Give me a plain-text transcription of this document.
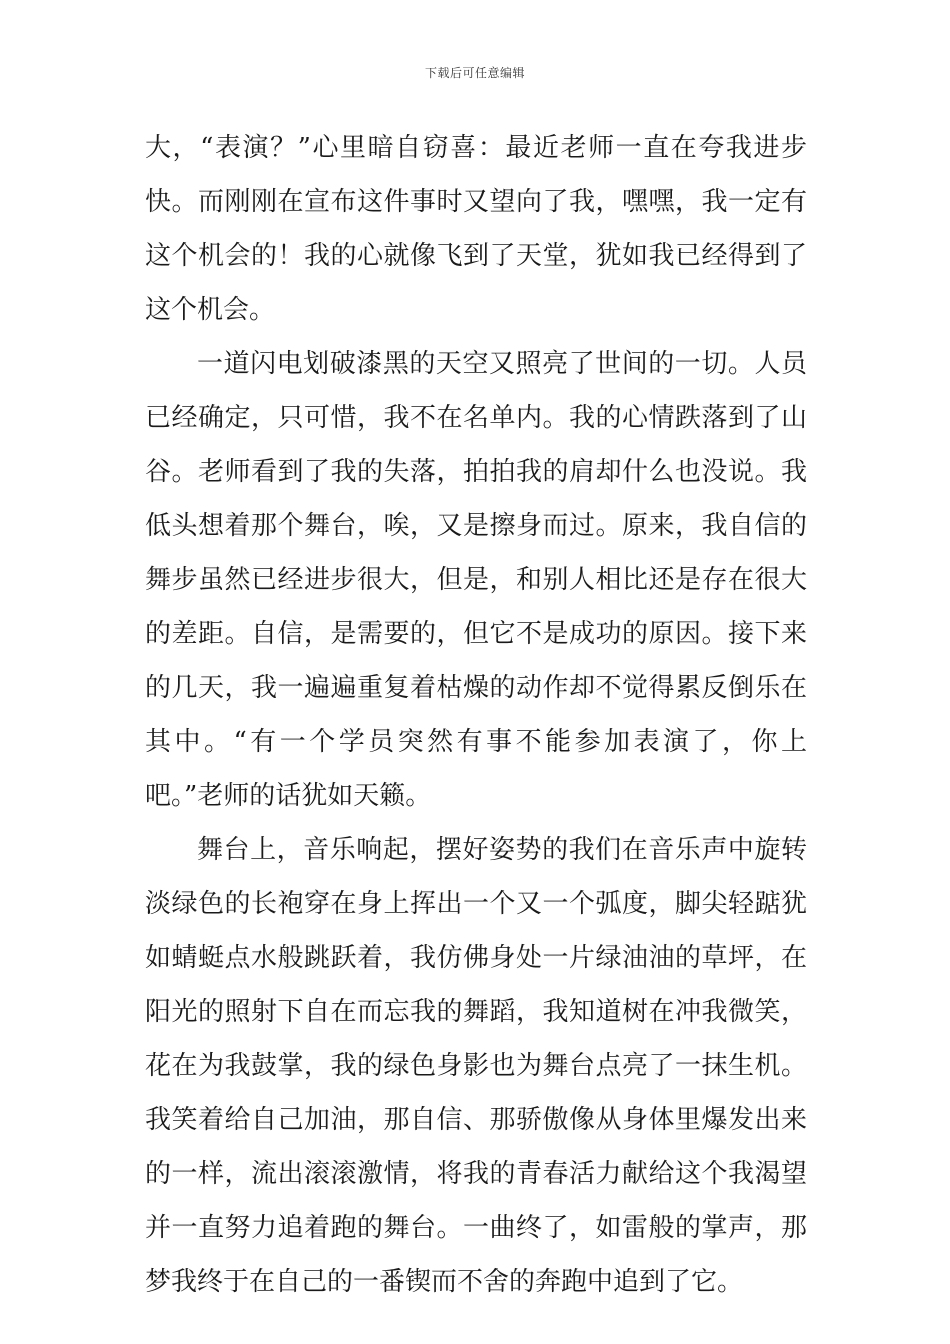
下载后可任意编辑
大，“表演？”心里暗自窃喜：最近老师一直在夸我进步
快。而刚刚在宣布这件事时又望向了我，嘿嘿，我一定有
这个机会的！我的心就像飞到了天堂，犹如我已经得到了
这个机会。
一道闪电划破漆黑的天空又照亮了世间的一切。人员
已经确定，只可惜，我不在名单内。我的心情跌落到了山
谷。老师看到了我的失落，拍拍我的肩却什么也没说。我
低头想着那个舞台，唉，又是擦身而过。原来，我自信的
舞步虽然已经进步很大，但是，和别人相比还是存在很大
的差距。自信，是需要的，但它不是成功的原因。接下来
的几天，我一遍遍重复着枯燥的动作却不觉得累反倒乐在
其中。“有一个学员突然有事不能参加表演了，你上
吧。”老师的话犹如天籁。
舞台上，音乐响起，摆好姿势的我们在音乐声中旋转
淡绿色的长袍穿在身上挥出一个又一个弧度，脚尖轻踮犹
如蜻蜓点水般跳跃着，我仿佛身处一片绿油油的草坪，在
阳光的照射下自在而忘我的舞蹈，我知道树在冲我微笑，
花在为我鼓掌，我的绿色身影也为舞台点亮了一抹生机。
我笑着给自己加油，那自信、那骄傲像从身体里爆发出来
的一样，流出滚滚激情，将我的青春活力献给这个我渴望
并一直努力追着跑的舞台。一曲终了，如雷般的掌声，那
梦我终于在自己的一番锲而不舍的奔跑中追到了它。
